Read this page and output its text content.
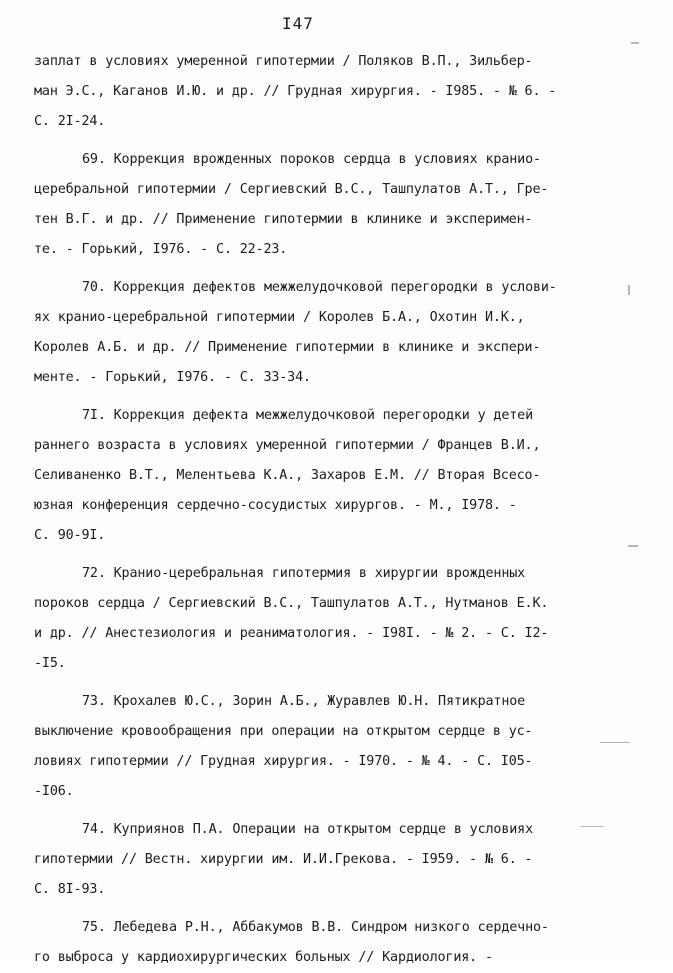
I47
заплат в условиях умеренной гипотермии / Поляков В.П., Зильбер-
ман Э.С., Каганов И.Ю. и др. // Грудная хирургия. - I985. - № 6. -
С. 2I-24.
69. Коррекция врожденных пороков сердца в условиях кранио-
церебральной гипотермии / Сергиевский В.С., Ташпулатов А.Т., Гре-
тен В.Г. и др. // Применение гипотермии в клинике и эксперимен-
те. - Горький, I976. - С. 22-23.
70. Коррекция дефектов межжелудочковой перегородки в услови-
ях кранио-церебральной гипотермии / Королев Б.А., Охотин И.К.,
Королев А.Б. и др. // Применение гипотермии в клинике и экспери-
менте. - Горький, I976. - С. 33-34.
7I. Коррекция дефекта межжелудочковой перегородки у детей
раннего возраста в условиях умеренной гипотермии / Францев В.И.,
Селивaненко В.Т., Мелентьева К.А., Захаров Е.М. // Вторая Всесо-
юзная конференция сердечно-сосудистых хирургов. - М., I978. -
С. 90-9I.
72. Кранио-церебральная гипотермия в хирургии врожденных
пороков сердца / Сергиевский В.С., Ташпулатов А.Т., Нутманов Е.К.
и др. // Анестезиология и реаниматология. - I98I. - № 2. - С. I2-
-I5.
73. Крохалев Ю.С., Зорин А.Б., Журавлев Ю.Н. Пятикратное
выключение кровообращения при операции на открытом сердце в ус-
ловиях гипотермии // Грудная хирургия. - I970. - № 4. - С. I05-
-I06.
74. Куприянов П.А. Операции на открытом сердце в условиях
гипотермии // Вестн. хирургии им. И.И.Грекова. - I959. - № 6. -
С. 8I-93.
75. Лебедева Р.Н., Аббакумов В.В. Синдром низкого сердечно-
го выброса у кардиохирургических больных // Кардиология. -
